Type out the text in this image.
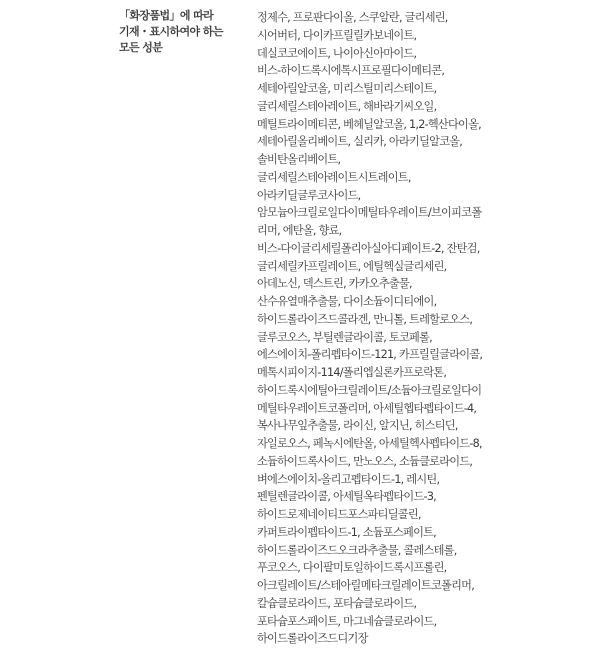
「화장품법」에 따라
기재・표시하여야 하는
모든 성분
정제수, 프로판다이올, 스쿠알란, 글리세린,
시어버터, 다이카프릴릴카보네이트,
데실코코에이트, 나이아신아마이드,
비스-하이드록시에톡시프로필다이메티콘,
세테아릴알코올, 미리스틸미리스테이트,
글리세릴스테아레이트, 해바라기씨오일,
메틸트라이메티콘, 베헤닐알코올, 1,2-헥산다이올,
세테아릴올리베이트, 실리카, 아라키딜알코올,
솔비탄올리베이트,
글리세릴스테아레이트시트레이트,
아라키딜글루코사이드,
암모늄아크릴로일다이메틸타우레이트/브이피코폴
리머, 에탄올, 향료,
비스-다이글리세릴폴리아실아디페이트-2, 잔탄검,
글리세릴카프릴레이트, 에틸헥실글리세린,
아데노신, 덱스트린, 카카오추출물,
산수유열매추출물, 다이소듐이디티에이,
하이드롤라이즈드콜라겐, 만니톨, 트레할로오스,
글루코오스, 부틸렌글라이콜, 토코페롤,
에스에이치-폴리펩타이드-121, 카프릴릴글라이콜,
메톡시피이지-114/폴리엡실론카프로락톤,
하이드록시에틸아크릴레이트/소듐아크릴로일다이
메틸타우레이트코폴리머, 아세틸헵타펩타이드-4,
복사나무잎추출물, 라이신, 알지닌, 히스티딘,
자일로오스, 페녹시에탄올, 아세틸헥사펩타이드-8,
소듐하이드록사이드, 만노오스, 소듐클로라이드,
벼에스에이치-올리고펩타이드-1, 레시틴,
펜틸렌글라이콜, 아세틸옥타펩타이드-3,
하이드로제네이티드포스파티딜콜린,
카퍼트라이펩타이드-1, 소듐포스페이트,
하이드롤라이즈드오크라추출물, 콜레스테롤,
푸코오스, 다이팔미토일하이드록시프롤린,
아크릴레이트/스테아릴메타크릴레이트코폴리머,
칼슘클로라이드, 포타슘클로라이드,
포타슘포스페이트, 마그네슘클로라이드,
하이드롤라이즈드디기장
